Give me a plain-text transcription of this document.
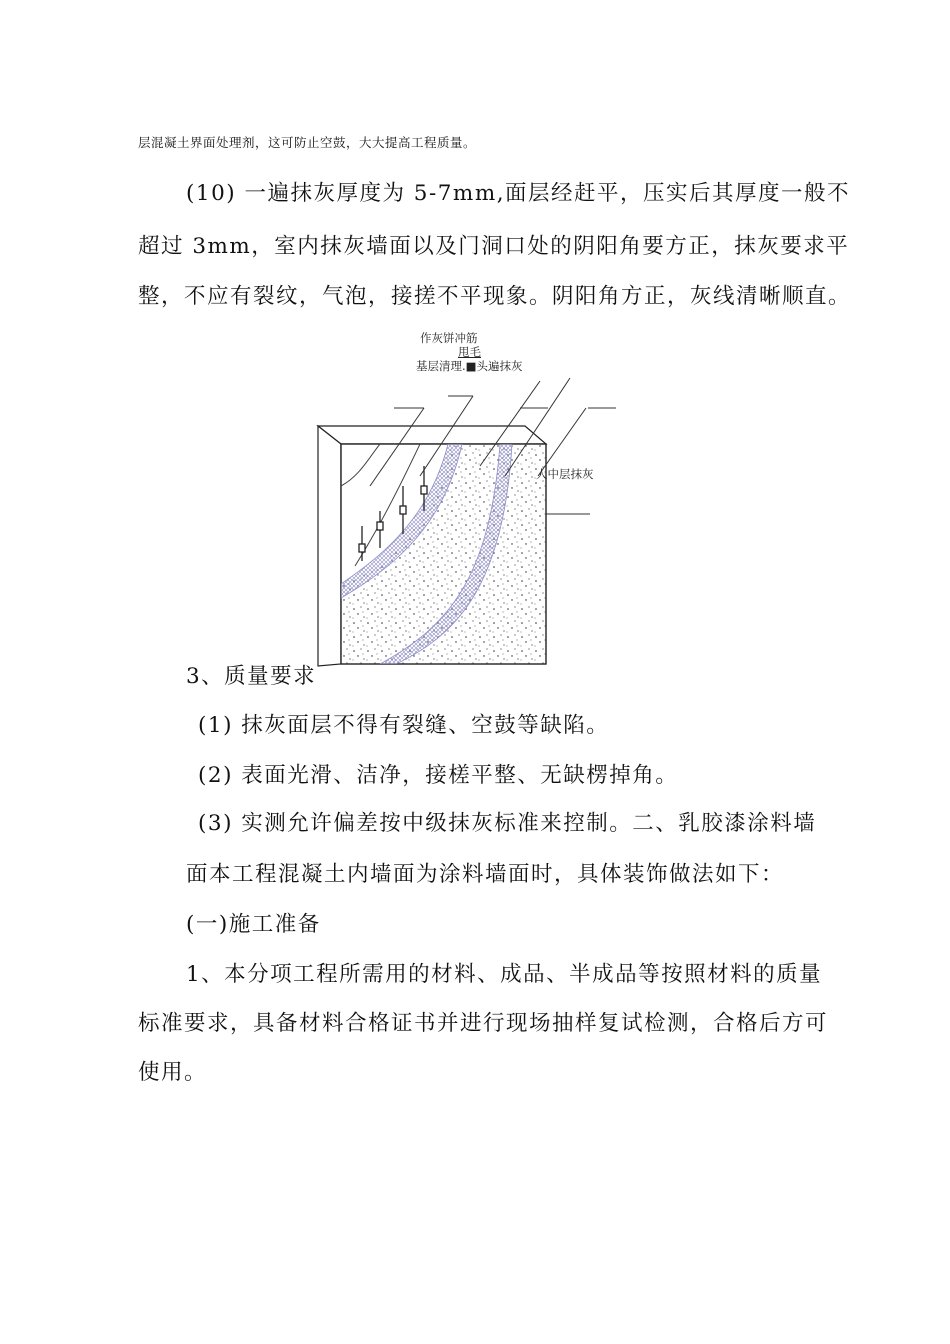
层混凝土界面处理剂，这可防止空鼓，大大提高工程质量。
(10) 一遍抹灰厚度为 5-7mm,面层经赶平，压实后其厚度一般不
超过 3mm，室内抹灰墙面以及门洞口处的阴阳角要方正，抹灰要求平
整，不应有裂纹，气泡，接搓不平现象。阴阳角方正，灰线清晰顺直。
作灰饼冲筋
甩毛
基层清理.■头遍抹灰
人中层抹灰
3、质量要求
(1) 抹灰面层不得有裂缝、空鼓等缺陷。
(2) 表面光滑、洁净，接槎平整、无缺楞掉角。
(3) 实测允许偏差按中级抹灰标准来控制。二、乳胶漆涂料墙
面本工程混凝土内墙面为涂料墙面时，具体装饰做法如下：
(一)施工准备
1、本分项工程所需用的材料、成品、半成品等按照材料的质量
标准要求，具备材料合格证书并进行现场抽样复试检测，合格后方可
使用。
